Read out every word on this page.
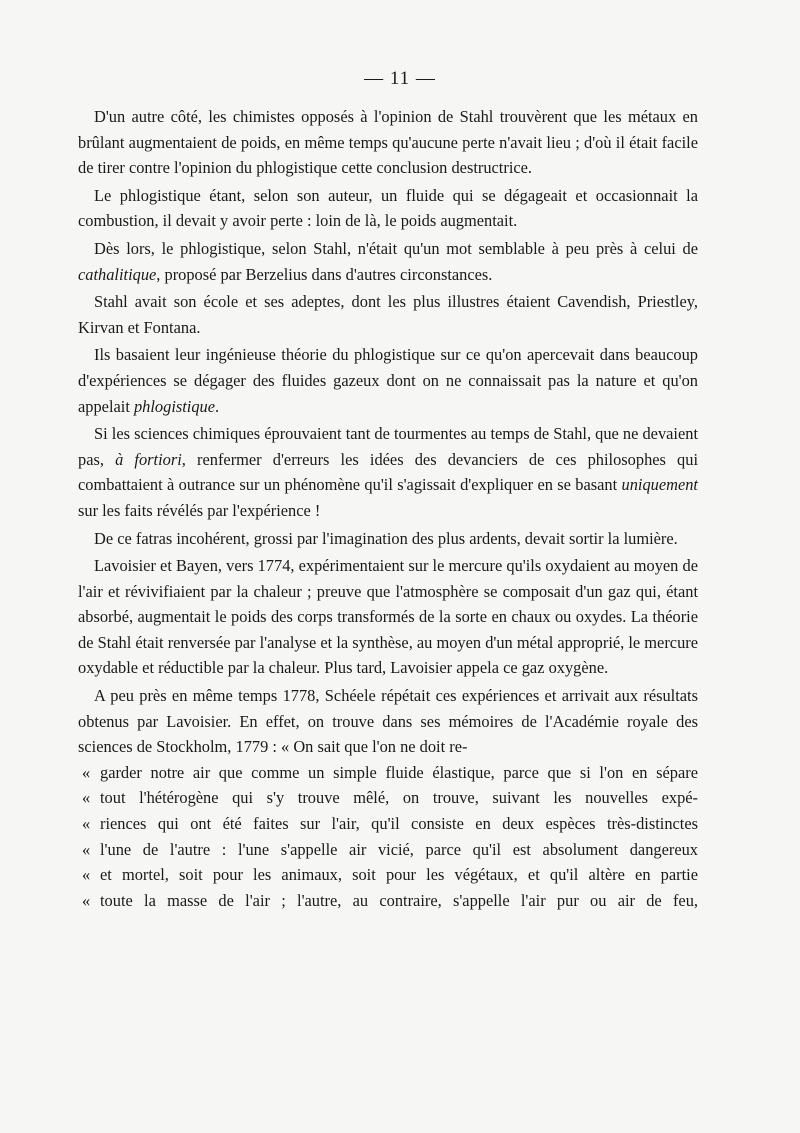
— 11 —

D'un autre côté, les chimistes opposés à l'opinion de Stahl trouvèrent que les métaux en brûlant augmentaient de poids, en même temps qu'aucune perte n'avait lieu ; d'où il était facile de tirer contre l'opinion du phlogistique cette conclusion destructrice.

Le phlogistique étant, selon son auteur, un fluide qui se dégageait et occasionnait la combustion, il devait y avoir perte : loin de là, le poids augmentait.

Dès lors, le phlogistique, selon Stahl, n'était qu'un mot semblable à peu près à celui de cathalitique, proposé par Berzelius dans d'autres circonstances.

Stahl avait son école et ses adeptes, dont les plus illustres étaient Cavendish, Priestley, Kirvan et Fontana.

Ils basaient leur ingénieuse théorie du phlogistique sur ce qu'on apercevait dans beaucoup d'expériences se dégager des fluides gazeux dont on ne connaissait pas la nature et qu'on appelait phlogistique.

Si les sciences chimiques éprouvaient tant de tourmentes au temps de Stahl, que ne devaient pas, à fortiori, renfermer d'erreurs les idées des devanciers de ces philosophes qui combattaient à outrance sur un phénomène qu'il s'agissait d'expliquer en se basant uniquement sur les faits révélés par l'expérience !

De ce fatras incohérent, grossi par l'imagination des plus ardents, devait sortir la lumière.

Lavoisier et Bayen, vers 1774, expérimentaient sur le mercure qu'ils oxydaient au moyen de l'air et révivifiaient par la chaleur ; preuve que l'atmosphère se composait d'un gaz qui, étant absorbé, augmentait le poids des corps transformés de la sorte en chaux ou oxydes. La théorie de Stahl était renversée par l'analyse et la synthèse, au moyen d'un métal approprié, le mercure oxydable et réductible par la chaleur. Plus tard, Lavoisier appela ce gaz oxygène.

A peu près en même temps 1778, Schéele répétait ces expériences et arrivait aux résultats obtenus par Lavoisier. En effet, on trouve dans ses mémoires de l'Académie royale des sciences de Stockholm, 1779 : « On sait que l'on ne doit re-

« garder notre air que comme un simple fluide élastique, parce que si l'on en sépare

« tout l'hétérogène qui s'y trouve mêlé, on trouve, suivant les nouvelles expé-

« riences qui ont été faites sur l'air, qu'il consiste en deux espèces très-distinctes

« l'une de l'autre : l'une s'appelle air vicié, parce qu'il est absolument dangereux

« et mortel, soit pour les animaux, soit pour les végétaux, et qu'il altère en partie

« toute la masse de l'air ; l'autre, au contraire, s'appelle l'air pur ou air de feu,
